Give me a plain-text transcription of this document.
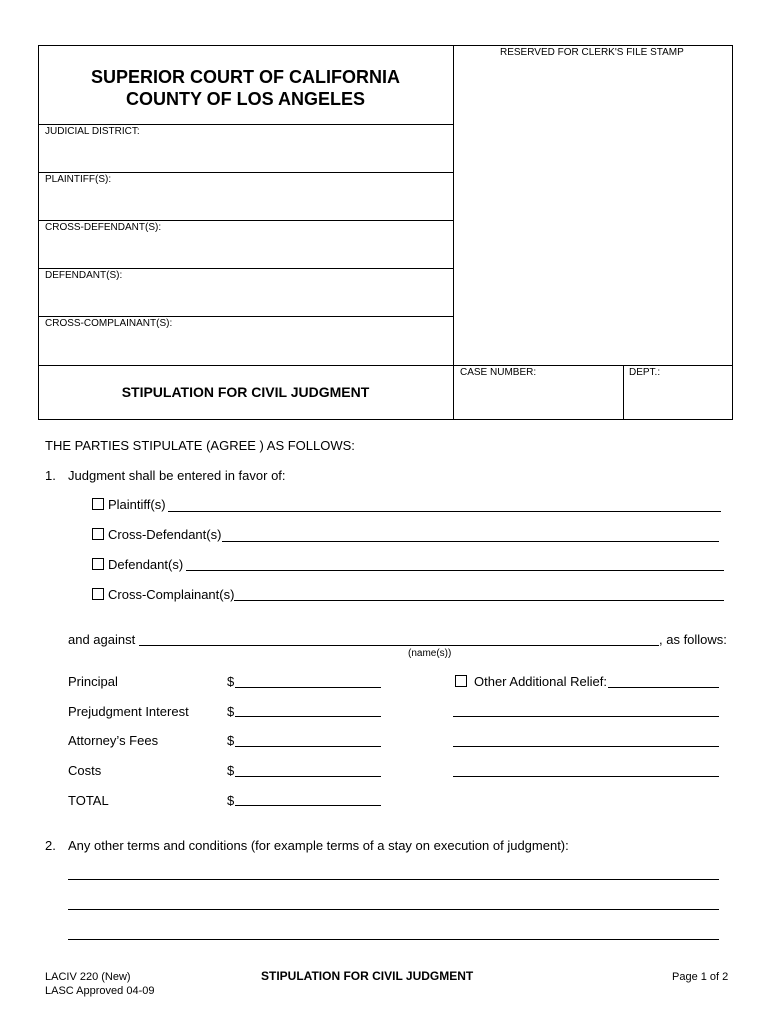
RESERVED FOR CLERK'S FILE STAMP
SUPERIOR COURT OF CALIFORNIA
COUNTY OF LOS ANGELES
JUDICIAL DISTRICT:
PLAINTIFF(S):
CROSS-DEFENDANT(S):
DEFENDANT(S):
CROSS-COMPLAINANT(S):
STIPULATION FOR CIVIL JUDGMENT
CASE NUMBER:	DEPT.:
THE PARTIES STIPULATE (AGREE ) AS FOLLOWS:
1. Judgment shall be entered in favor of:
Plaintiff(s)
Cross-Defendant(s)
Defendant(s)
Cross-Complainant(s)
and against	, as follows:
(name(s))
Principal	$
Prejudgment Interest	$
Attorney’s Fees	$
Costs	$
TOTAL	$
Other Additional Relief:
2. Any other terms and conditions (for example terms of a stay on execution of judgment):
LACIV 220 (New)
LASC Approved 04-09
STIPULATION FOR CIVIL JUDGMENT	Page 1 of 2
